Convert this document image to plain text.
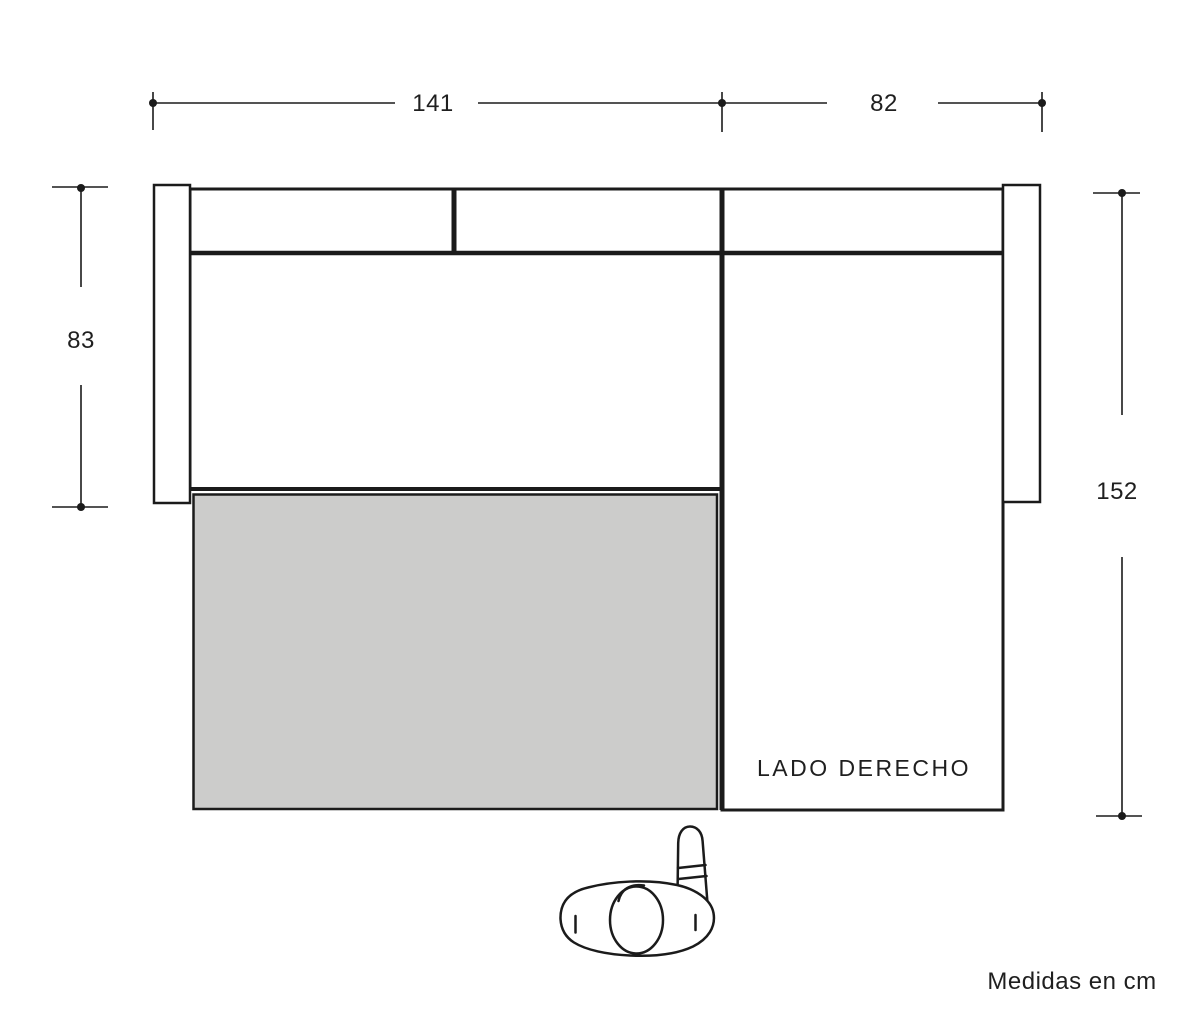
141	82
83
152
LADO DERECHO
Medidas en cm
